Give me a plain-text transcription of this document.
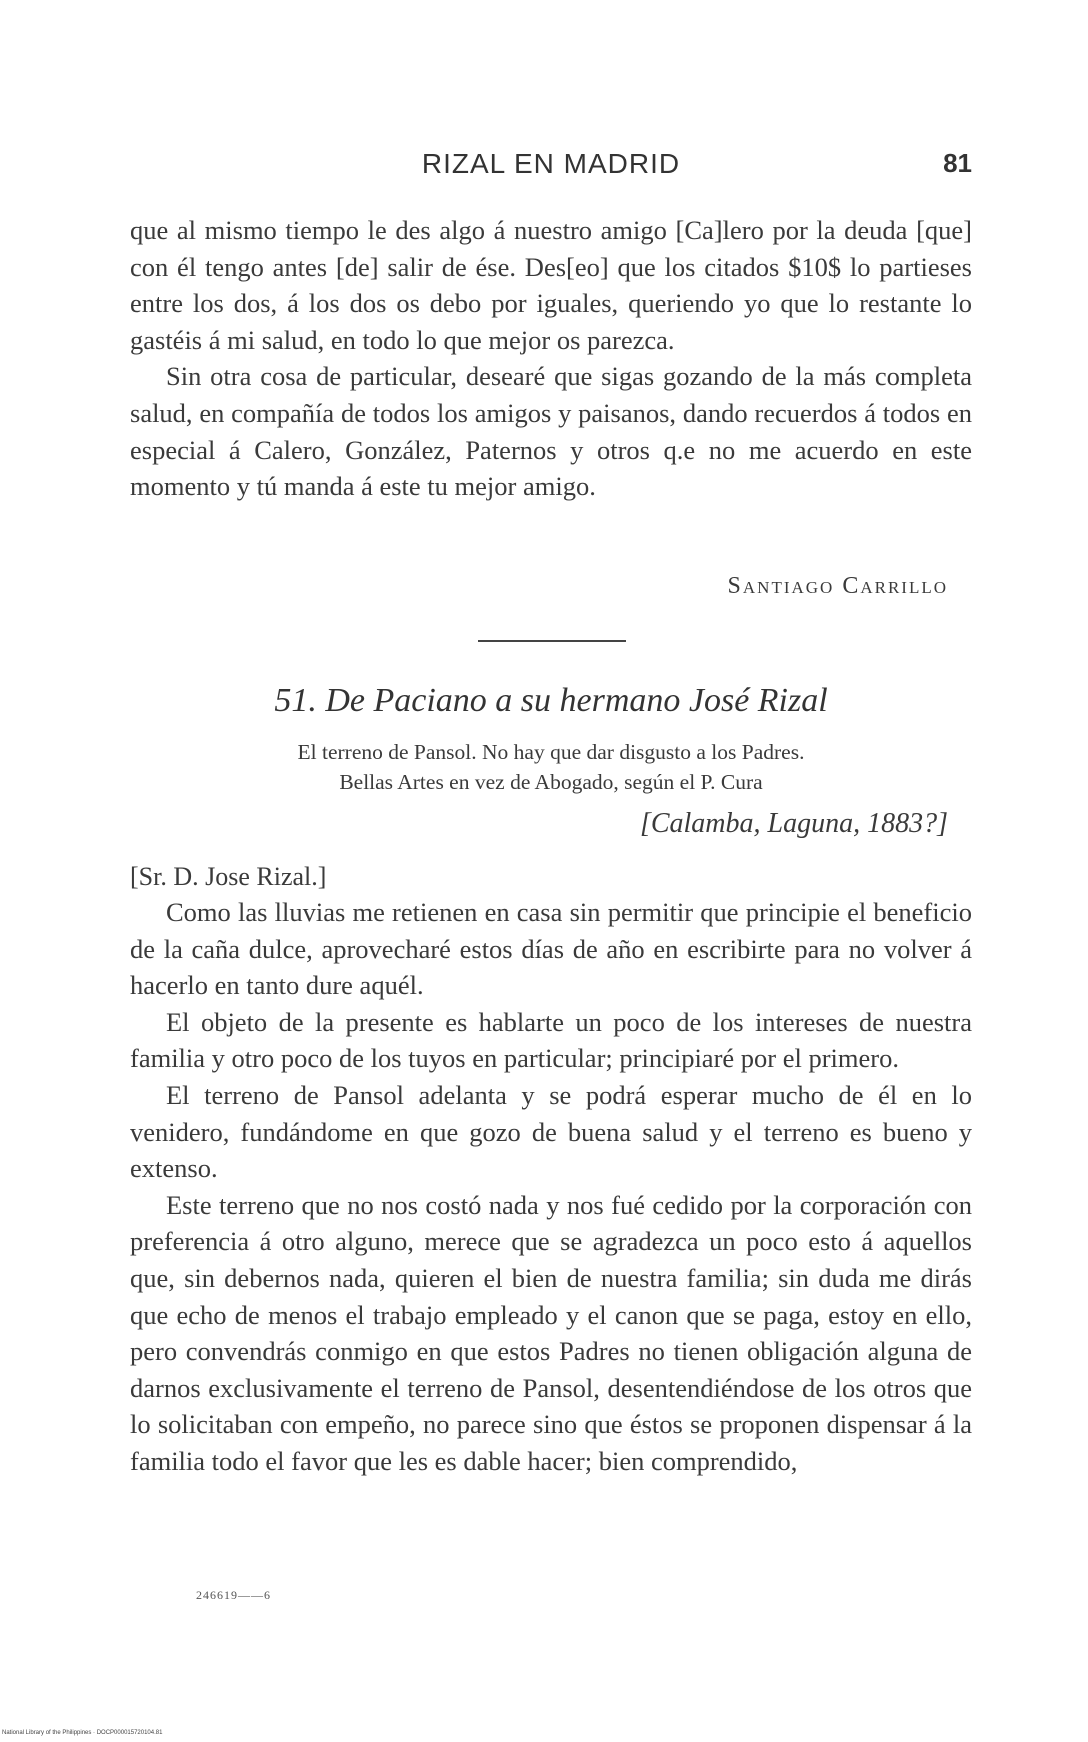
RIZAL EN MADRID	81

que al mismo tiempo le des algo á nuestro amigo [Ca]lero por la deuda [que] con él tengo antes [de] salir de ése. Des[eo] que los citados $10$ lo partieses entre los dos, á los dos os debo por iguales, queriendo yo que lo restante lo gastéis á mi salud, en todo lo que mejor os parezca.

Sin otra cosa de particular, desearé que sigas gozando de la más completa salud, en compañía de todos los amigos y paisanos, dando recuerdos á todos en especial á Calero, González, Paternos y otros q.e no me acuerdo en este momento y tú manda á este tu mejor amigo.

Santiago Carrillo
51. De Paciano a su hermano José Rizal
El terreno de Pansol. No hay que dar disgusto a los Padres.
Bellas Artes en vez de Abogado, según el P. Cura
[Calamba, Laguna, 1883?]
[Sr. D. Jose Rizal.]

Como las lluvias me retienen en casa sin permitir que principie el beneficio de la caña dulce, aprovecharé estos días de año en escribirte para no volver á hacerlo en tanto dure aquél.

El objeto de la presente es hablarte un poco de los intereses de nuestra familia y otro poco de los tuyos en particular; principiaré por el primero.

El terreno de Pansol adelanta y se podrá esperar mucho de él en lo venidero, fundándome en que gozo de buena salud y el terreno es bueno y extenso.

Este terreno que no nos costó nada y nos fué cedido por la corporación con preferencia á otro alguno, merece que se agradezca un poco esto á aquellos que, sin debernos nada, quieren el bien de nuestra familia; sin duda me dirás que echo de menos el trabajo empleado y el canon que se paga, estoy en ello, pero convendrás conmigo en que estos Padres no tienen obligación alguna de darnos exclusivamente el terreno de Pansol, desentendiéndose de los otros que lo solicitaban con empeño, no parece sino que éstos se proponen dispensar á la familia todo el favor que les es dable hacer; bien comprendido,

246619——6
National Library of the Philippines · DOCP000015720104.81
